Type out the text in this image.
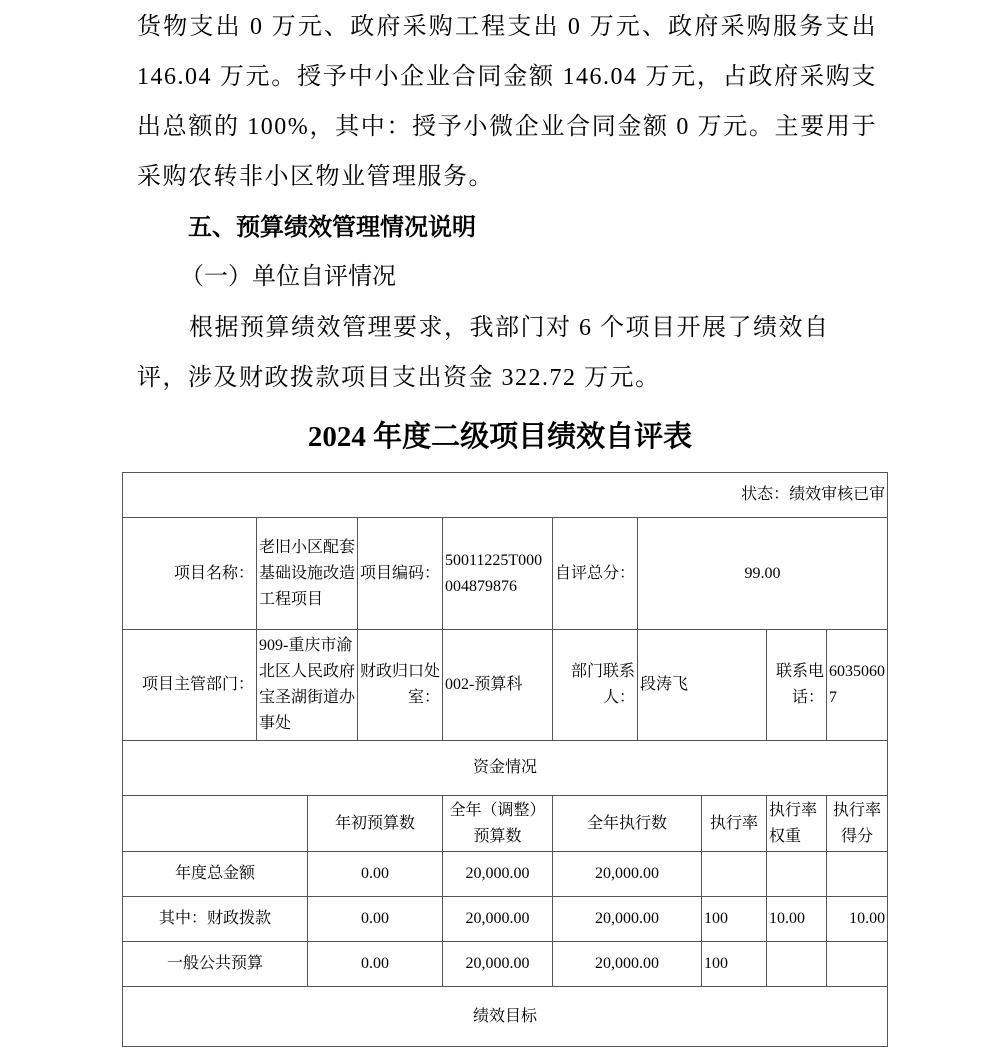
货物支出 0 万元、政府采购工程支出 0 万元、政府采购服务支出 146.04 万元。授予中小企业合同金额 146.04 万元，占政府采购支出总额的 100%，其中：授予小微企业合同金额 0 万元。主要用于采购农转非小区物业管理服务。
五、预算绩效管理情况说明
（一）单位自评情况
根据预算绩效管理要求，我部门对 6 个项目开展了绩效自评，涉及财政拨款项目支出资金 322.72 万元。
2024 年度二级项目绩效自评表
状态：绩效审核已审									
项目名称：	老旧小区配套基础设施改造工程项目		项目编码：	50011225T000004879876	自评总分：	99.00			
项目主管部门：	909-重庆市渝北区人民政府宝圣湖街道办事处		财政归口处室：	002-预算科	部门联系人：	段涛飞		联系电话：	60350607
资金情况									
		年初预算数		全年（调整）预算数	全年执行数		执行率	执行率权重	执行率得分
年度总金额		0.00		20,000.00	20,000.00				
其中：财政拨款		0.00		20,000.00	20,000.00		100	10.00	10.00
一般公共预算		0.00		20,000.00	20,000.00		100		
绩效目标									
